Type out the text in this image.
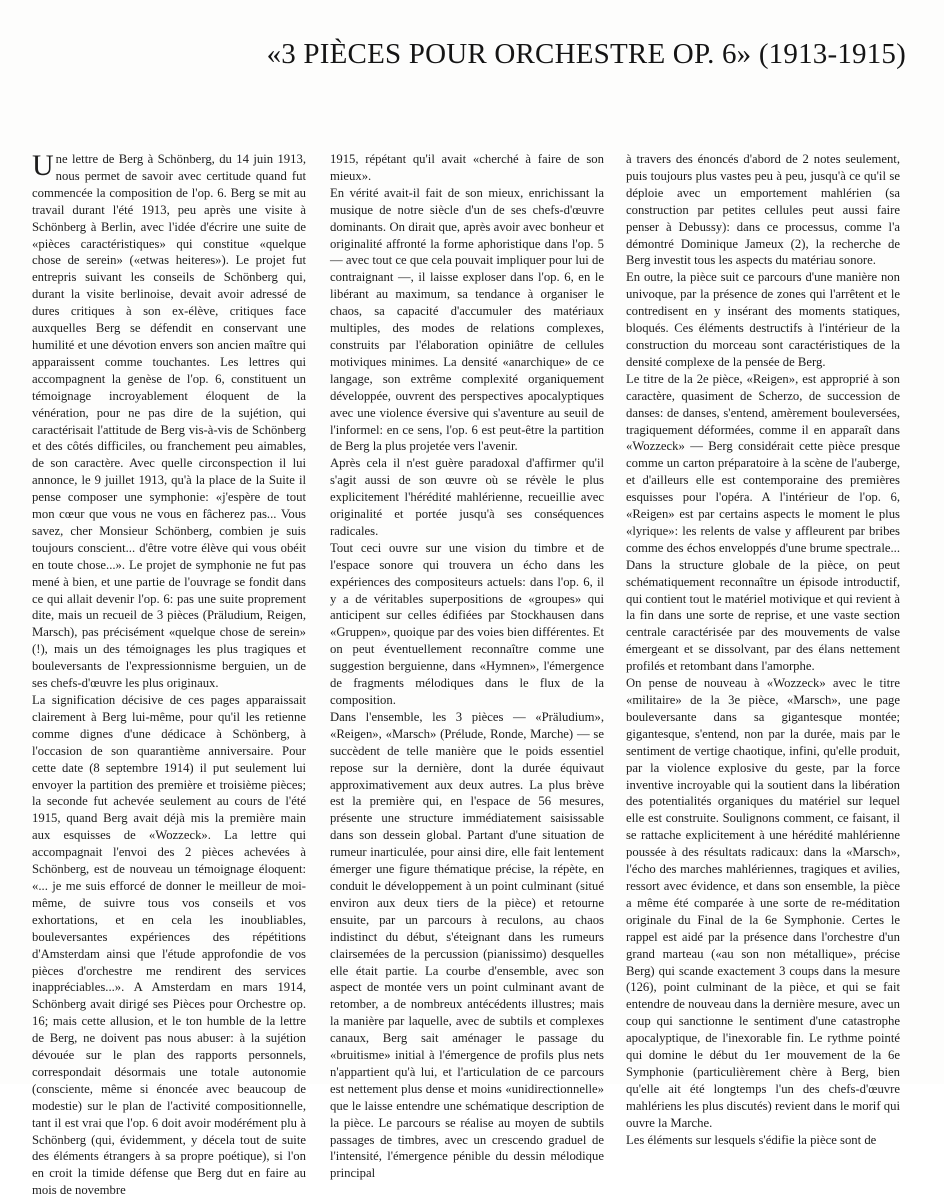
«3 PIÈCES POUR ORCHESTRE OP. 6» (1913-1915)

Une lettre de Berg à Schönberg, du 14 juin 1913, nous permet de savoir avec certitude quand fut commencée la composition de l'op. 6. Berg se mit au travail durant l'été 1913, peu après une visite à Schönberg à Berlin, avec l'idée d'écrire une suite de «pièces caractéristiques» qui constitue «quelque chose de serein» («etwas heiteres»). Le projet fut entrepris suivant les conseils de Schönberg qui, durant la visite berlinoise, devait avoir adressé de dures critiques à son ex-élève, critiques face auxquelles Berg se défendit en conservant une humilité et une dévotion envers son ancien maître qui apparaissent comme touchantes. Les lettres qui accompagnent la genèse de l'op. 6, constituent un témoignage incroyablement éloquent de la vénération, pour ne pas dire de la sujétion, qui caractérisait l'attitude de Berg vis-à-vis de Schönberg et des côtés difficiles, ou franchement peu aimables, de son caractère. Avec quelle circonspection il lui annonce, le 9 juillet 1913, qu'à la place de la Suite il pense composer une symphonie: «j'espère de tout mon cœur que vous ne vous en fâcherez pas... Vous savez, cher Monsieur Schönberg, combien je suis toujours conscient... d'être votre élève qui vous obéit en toute chose...». Le projet de symphonie ne fut pas mené à bien, et une partie de l'ouvrage se fondit dans ce qui allait devenir l'op. 6: pas une suite proprement dite, mais un recueil de 3 pièces (Präludium, Reigen, Marsch), pas précisément «quelque chose de serein» (!), mais un des témoignages les plus tragiques et bouleversants de l'expressionnisme berguien, un de ses chefs-d'œuvre les plus originaux.

La signification décisive de ces pages apparaissait clairement à Berg lui-même, pour qu'il les retienne comme dignes d'une dédicace à Schönberg, à l'occasion de son quarantième anniversaire. Pour cette date (8 septembre 1914) il put seulement lui envoyer la partition des première et troisième pièces; la seconde fut achevée seulement au cours de l'été 1915, quand Berg avait déjà mis la première main aux esquisses de «Wozzeck». La lettre qui accompagnait l'envoi des 2 pièces achevées à Schönberg, est de nouveau un témoignage éloquent: «... je me suis efforcé de donner le meilleur de moi-même, de suivre tous vos conseils et vos exhortations, et en cela les inoubliables, bouleversantes expériences des répétitions d'Amsterdam ainsi que l'étude approfondie de vos pièces d'orchestre me rendirent des services inappréciables...». A Amsterdam en mars 1914, Schönberg avait dirigé ses Pièces pour Orchestre op. 16; mais cette allusion, et le ton humble de la lettre de Berg, ne doivent pas nous abuser: à la sujétion dévouée sur le plan des rapports personnels, correspondait désormais une totale autonomie (consciente, même si énoncée avec beaucoup de modestie) sur le plan de l'activité compositionnelle, tant il est vrai que l'op. 6 doit avoir modérément plu à Schönberg (qui, évidemment, y décela tout de suite des éléments étrangers à sa propre poétique), si l'on en croit la timide défense que Berg dut en faire au mois de novembre

1915, répétant qu'il avait «cherché à faire de son mieux».

En vérité avait-il fait de son mieux, enrichissant la musique de notre siècle d'un de ses chefs-d'œuvre dominants. On dirait que, après avoir avec bonheur et originalité affronté la forme aphoristique dans l'op. 5 — avec tout ce que cela pouvait impliquer pour lui de contraignant —, il laisse exploser dans l'op. 6, en le libérant au maximum, sa tendance à organiser le chaos, sa capacité d'accumuler des matériaux multiples, des modes de relations complexes, construits par l'élaboration opiniâtre de cellules motiviques minimes. La densité «anarchique» de ce langage, son extrême complexité organiquement développée, ouvrent des perspectives apocalyptiques avec une violence éversive qui s'aventure au seuil de l'informel: en ce sens, l'op. 6 est peut-être la partition de Berg la plus projetée vers l'avenir.

Après cela il n'est guère paradoxal d'affirmer qu'il s'agit aussi de son œuvre où se révèle le plus explicitement l'hérédité mahlérienne, recueillie avec originalité et portée jusqu'à ses conséquences radicales.

Tout ceci ouvre sur une vision du timbre et de l'espace sonore qui trouvera un écho dans les expériences des compositeurs actuels: dans l'op. 6, il y a de véritables superpositions de «groupes» qui anticipent sur celles édifiées par Stockhausen dans «Gruppen», quoique par des voies bien différentes. Et on peut éventuellement reconnaître comme une suggestion berguienne, dans «Hymnen», l'émergence de fragments mélodiques dans le flux de la composition.

Dans l'ensemble, les 3 pièces — «Präludium», «Reigen», «Marsch» (Prélude, Ronde, Marche) — se succèdent de telle manière que le poids essentiel repose sur la dernière, dont la durée équivaut approximativement aux deux autres. La plus brève est la première qui, en l'espace de 56 mesures, présente une structure immédiatement saisissable dans son dessein global. Partant d'une situation de rumeur inarticulée, pour ainsi dire, elle fait lentement émerger une figure thématique précise, la répète, en conduit le développement à un point culminant (situé environ aux deux tiers de la pièce) et retourne ensuite, par un parcours à reculons, au chaos indistinct du début, s'éteignant dans les rumeurs clairsemées de la percussion (pianissimo) desquelles elle était partie. La courbe d'ensemble, avec son aspect de montée vers un point culminant avant de retomber, a de nombreux antécédents illustres; mais la manière par laquelle, avec de subtils et complexes canaux, Berg sait aménager le passage du «bruitisme» initial à l'émergence de profils plus nets n'appartient qu'à lui, et l'articulation de ce parcours est nettement plus dense et moins «unidirectionnelle» que le laisse entendre une schématique description de la pièce. Le parcours se réalise au moyen de subtils passages de timbres, avec un crescendo graduel de l'intensité, l'émergence pénible du dessin mélodique principal

à travers des énoncés d'abord de 2 notes seulement, puis toujours plus vastes peu à peu, jusqu'à ce qu'il se déploie avec un emportement mahlérien (sa construction par petites cellules peut aussi faire penser à Debussy): dans ce processus, comme l'a démontré Dominique Jameux (2), la recherche de Berg investit tous les aspects du matériau sonore.

En outre, la pièce suit ce parcours d'une manière non univoque, par la présence de zones qui l'arrêtent et le contredisent en y insérant des moments statiques, bloqués. Ces éléments destructifs à l'intérieur de la construction du morceau sont caractéristiques de la densité complexe de la pensée de Berg.

Le titre de la 2e pièce, «Reigen», est approprié à son caractère, quasiment de Scherzo, de succession de danses: de danses, s'entend, amèrement bouleversées, tragiquement déformées, comme il en apparaît dans «Wozzeck» — Berg considérait cette pièce presque comme un carton préparatoire à la scène de l'auberge, et d'ailleurs elle est contemporaine des premières esquisses pour l'opéra. A l'intérieur de l'op. 6, «Reigen» est par certains aspects le moment le plus «lyrique»: les relents de valse y affleurent par bribes comme des échos enveloppés d'une brume spectrale... Dans la structure globale de la pièce, on peut schématiquement reconnaître un épisode introductif, qui contient tout le matériel motivique et qui revient à la fin dans une sorte de reprise, et une vaste section centrale caractérisée par des mouvements de valse émergeant et se dissolvant, par des élans nettement profilés et retombant dans l'amorphe.

On pense de nouveau à «Wozzeck» avec le titre «militaire» de la 3e pièce, «Marsch», une page bouleversante dans sa gigantesque montée; gigantesque, s'entend, non par la durée, mais par le sentiment de vertige chaotique, infini, qu'elle produit, par la violence explosive du geste, par la force inventive incroyable qui la soutient dans la libération des potentialités organiques du matériel sur lequel elle est construite. Soulignons comment, ce faisant, il se rattache explicitement à une hérédité mahlérienne poussée à des résultats radicaux: dans la «Marsch», l'écho des marches mahlériennes, tragiques et avilies, ressort avec évidence, et dans son ensemble, la pièce a même été comparée à une sorte de re-méditation originale du Final de la 6e Symphonie. Certes le rappel est aidé par la présence dans l'orchestre d'un grand marteau («au son non métallique», précise Berg) qui scande exactement 3 coups dans la mesure (126), point culminant de la pièce, et qui se fait entendre de nouveau dans la dernière mesure, avec un coup qui sanctionne le sentiment d'une catastrophe apocalyptique, de l'inexorable fin. Le rythme pointé qui domine le début du 1er mouvement de la 6e Symphonie (particulièrement chère à Berg, bien qu'elle ait été longtemps l'un des chefs-d'œuvre mahlériens les plus discutés) revient dans le morif qui ouvre la Marche.

Les éléments sur lesquels s'édifie la pièce sont de
